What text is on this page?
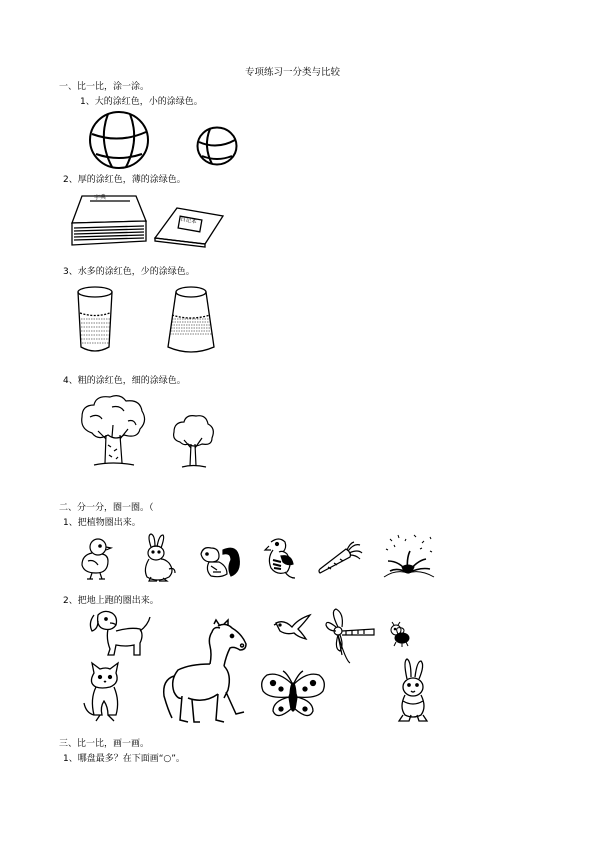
专项练习一分类与比较
一、比一比，涂一涂。
1、大的涂红色，小的涂绿色。
2、厚的涂红色，薄的涂绿色。
字典
日记本
3、水多的涂红色，少的涂绿色。
4、粗的涂红色，细的涂绿色。
二、分一分，圈一圈。（
1、把植物圈出来。
2、把地上跑的圈出来。
三、比一比，画一画。
1、哪盘最多？在下面画“○”。
